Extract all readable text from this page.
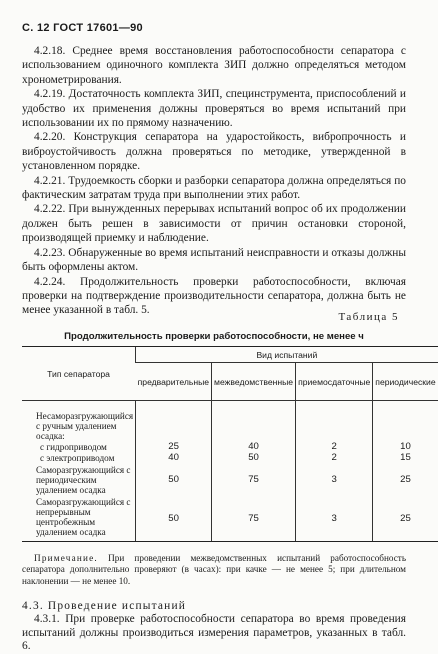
С. 12 ГОСТ 17601—90

4.2.18. Среднее время восстановления работоспособности сепаратора с использованием одиночного комплекта ЗИП должно определяться методом хронометрирования.

4.2.19. Достаточность комплекта ЗИП, специнструмента, приспособлений и удобство их применения должны проверяться во время испытаний при использовании их по прямому назначению.

4.2.20. Конструкция сепаратора на ударостойкость, вибропрочность и виброустойчивость должна проверяться по методике, утвержденной в установленном порядке.

4.2.21. Трудоемкость сборки и разборки сепаратора должна определяться по фактическим затратам труда при выполнении этих работ.

4.2.22. При вынужденных перерывах испытаний вопрос об их продолжении должен быть решен в зависимости от причин остановки стороной, производящей приемку и наблюдение.

4.2.23. Обнаруженные во время испытаний неисправности и отказы должны быть оформлены актом.

4.2.24. Продолжительность проверки работоспособности, включая проверки на подтверждение производительности сепаратора, должна быть не менее указанной в табл. 5.

Таблица 5
Продолжительность проверки работоспособности, не менее ч
Тип сепаратора	Вид испытаний			
	предварительные	межведомственные	приемосдаточные	периодические
Несаморазгружающийся с ручным удалением осадка:				
с гидроприводом	25	40	2	10
с электроприводом	40	50	2	15
Саморазгружающийся с периодическим удалением осадка	50	75	3	25
Саморазгружающийся с непрерывным центробежным удалением осадка	50	75	3	25
Примечание. При проведении межведомственных испытаний работоспособность сепаратора дополнительно проверяют (в часах): при качке — не менее 5; при длительном наклонении — не менее 10.
4.3. Проведение испытаний

4.3.1. При проверке работоспособности сепаратора во время проведения испытаний должны производиться измерения параметров, указанных в табл. 6.
